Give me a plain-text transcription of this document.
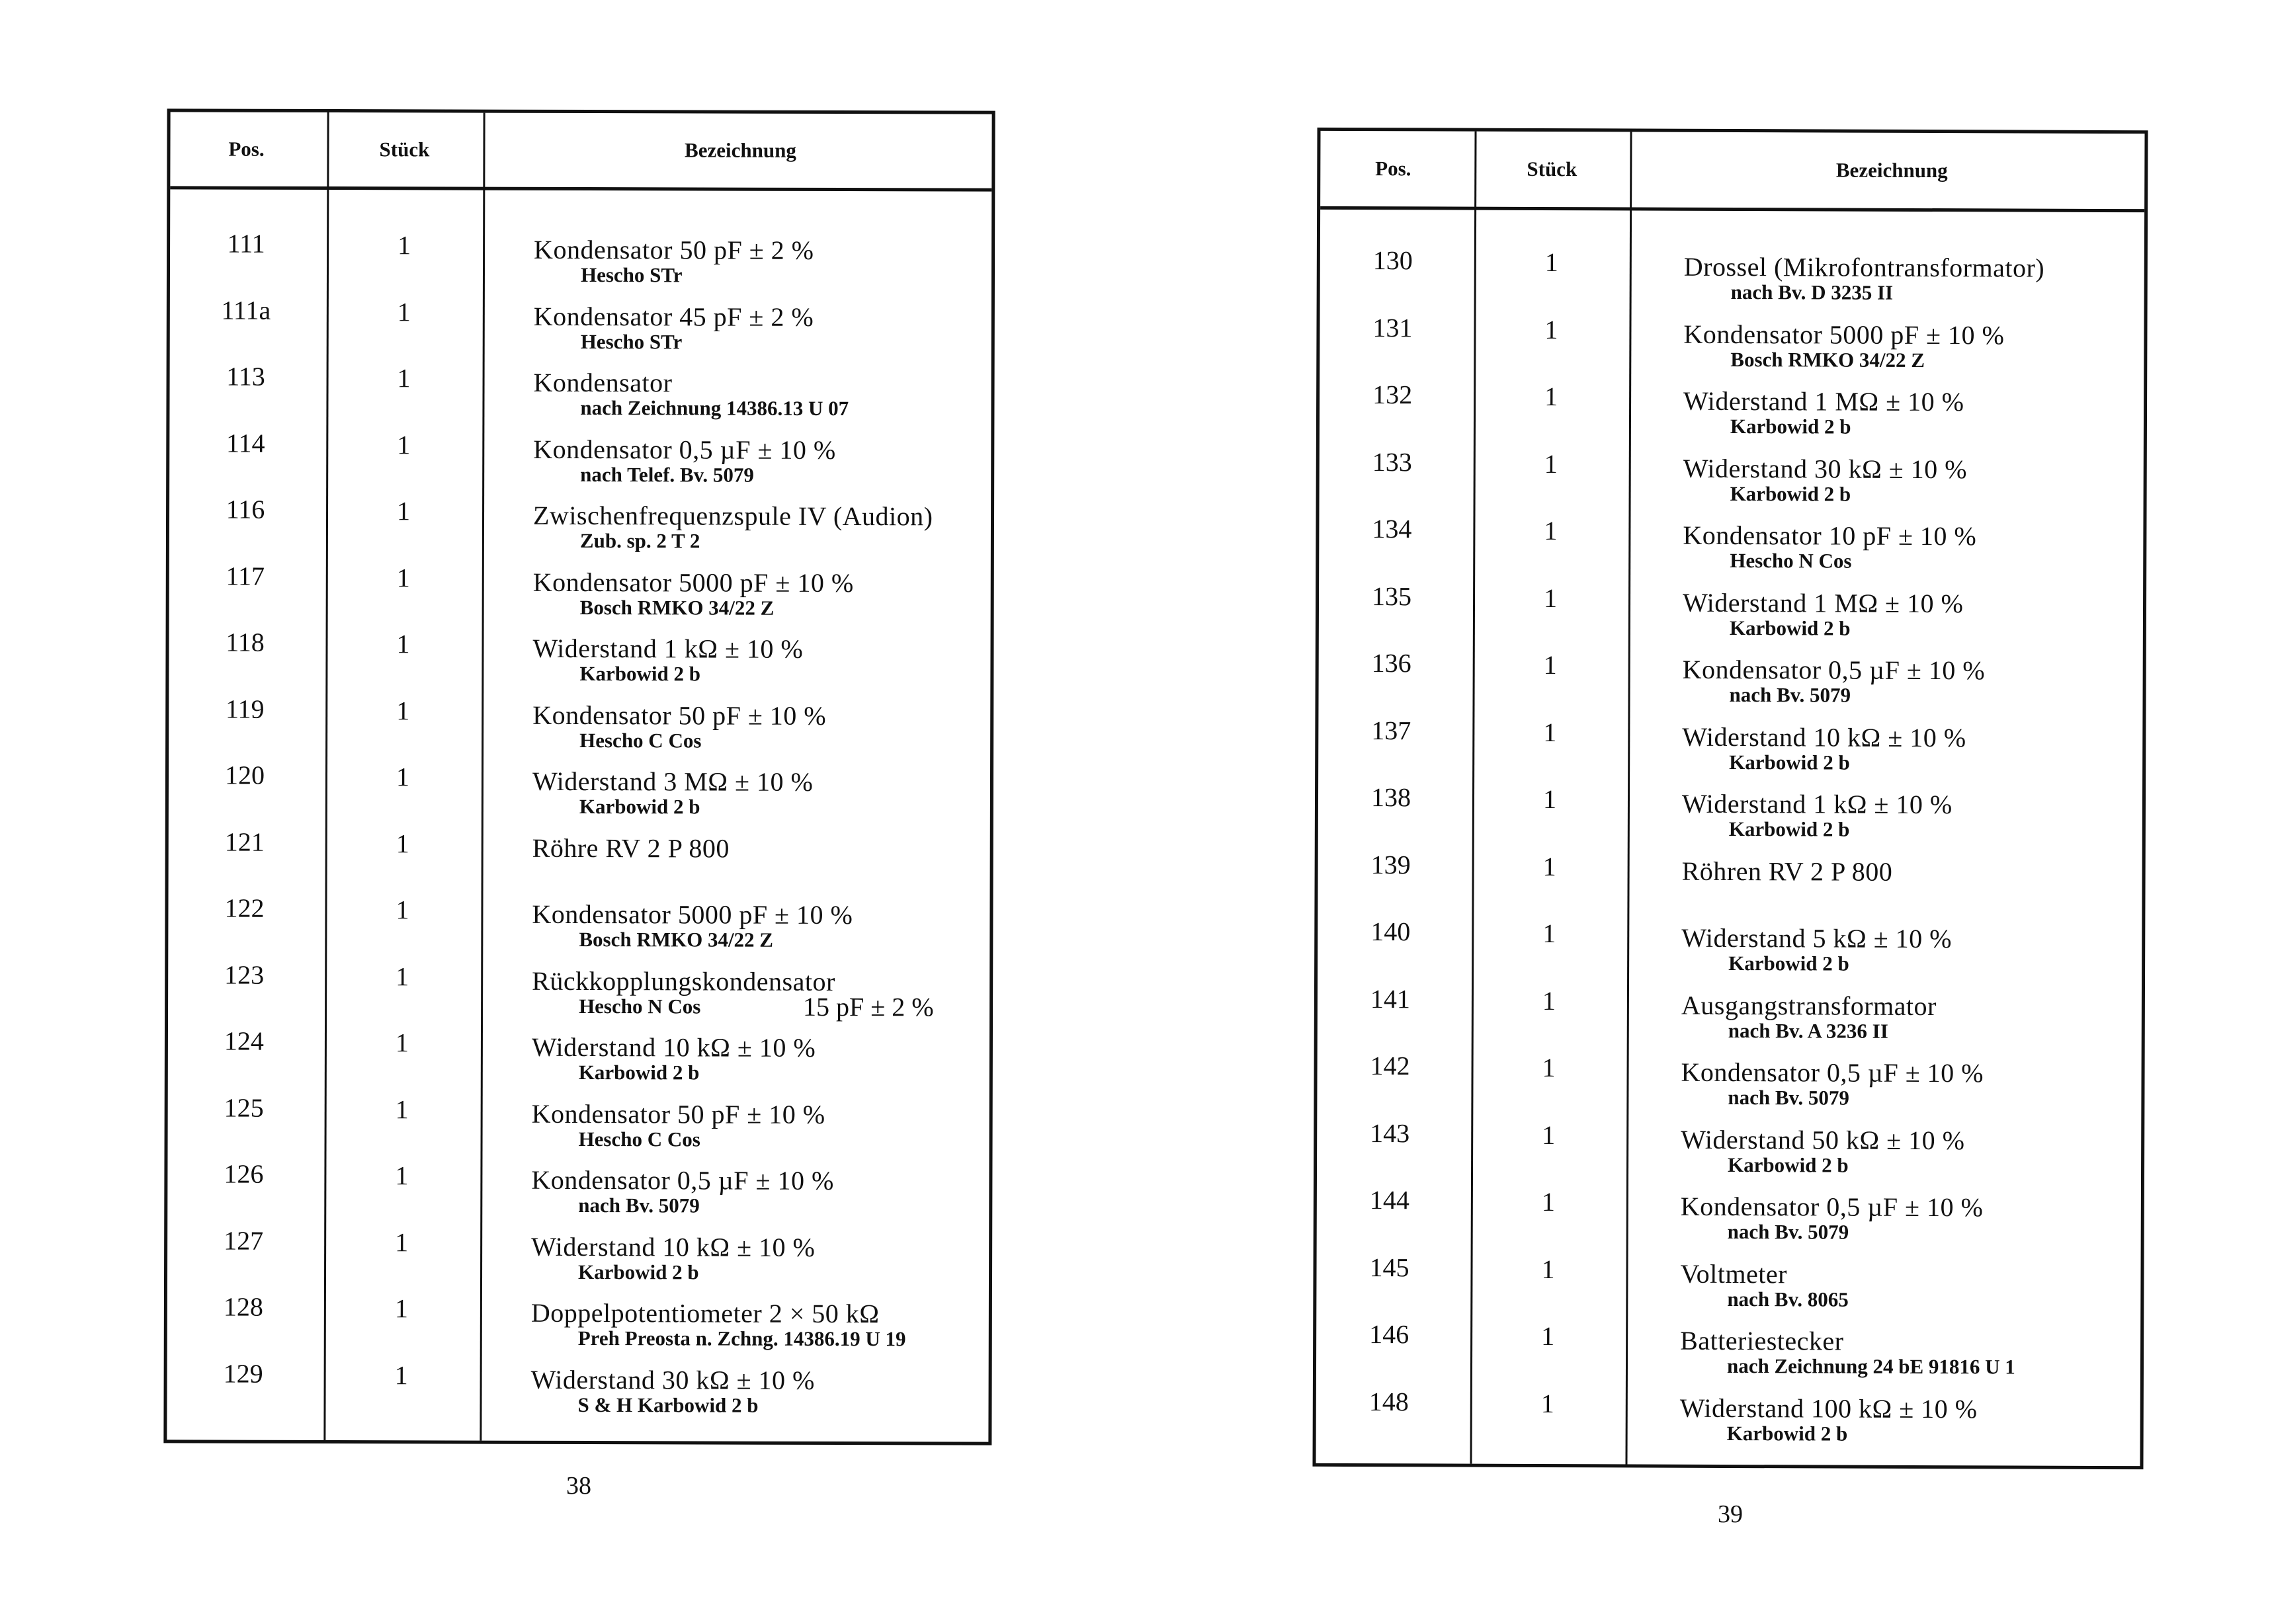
Pos.	Stück	Bezeichnung
111	1	Kondensator 50 pF ± 2 %
Hescho STr
111a	1	Kondensator 45 pF ± 2 %
Hescho STr
113	1	Kondensator
nach Zeichnung 14386.13 U 07
114	1	Kondensator 0,5 µF ± 10 %
nach Telef. Bv. 5079
116	1	Zwischenfrequenzspule IV (Audion)
Zub. sp. 2 T 2
117	1	Kondensator 5000 pF ± 10 %
Bosch RMKO 34/22 Z
118	1	Widerstand 1 kΩ ± 10 %
Karbowid 2 b
119	1	Kondensator 50 pF ± 10 %
Hescho C Cos
120	1	Widerstand 3 MΩ ± 10 %
Karbowid 2 b
121	1	Röhre RV 2 P 800
122	1	Kondensator 5000 pF ± 10 %
Bosch RMKO 34/22 Z
123	1	Rückkopplungskondensator
Hescho N Cos	15 pF ± 2 %
124	1	Widerstand 10 kΩ ± 10 %
Karbowid 2 b
125	1	Kondensator 50 pF ± 10 %
Hescho C Cos
126	1	Kondensator 0,5 µF ± 10 %
nach Bv. 5079
127	1	Widerstand 10 kΩ ± 10 %
Karbowid 2 b
128	1	Doppelpotentiometer 2 × 50 kΩ
Preh Preosta n. Zchng. 14386.19 U 19
129	1	Widerstand 30 kΩ ± 10 %
S & H Karbowid 2 b
38
Pos.	Stück	Bezeichnung
130	1	Drossel (Mikrofontransformator)
nach Bv. D 3235 II
131	1	Kondensator 5000 pF ± 10 %
Bosch RMKO 34/22 Z
132	1	Widerstand 1 MΩ ± 10 %
Karbowid 2 b
133	1	Widerstand 30 kΩ ± 10 %
Karbowid 2 b
134	1	Kondensator 10 pF ± 10 %
Hescho N Cos
135	1	Widerstand 1 MΩ ± 10 %
Karbowid 2 b
136	1	Kondensator 0,5 µF ± 10 %
nach Bv. 5079
137	1	Widerstand 10 kΩ ± 10 %
Karbowid 2 b
138	1	Widerstand 1 kΩ ± 10 %
Karbowid 2 b
139	1	Röhren RV 2 P 800
140	1	Widerstand 5 kΩ ± 10 %
Karbowid 2 b
141	1	Ausgangstransformator
nach Bv. A 3236 II
142	1	Kondensator 0,5 µF ± 10 %
nach Bv. 5079
143	1	Widerstand 50 kΩ ± 10 %
Karbowid 2 b
144	1	Kondensator 0,5 µF ± 10 %
nach Bv. 5079
145	1	Voltmeter
nach Bv. 8065
146	1	Batteriestecker
nach Zeichnung 24 bE 91816 U 1
148	1	Widerstand 100 kΩ ± 10 %
Karbowid 2 b
39
